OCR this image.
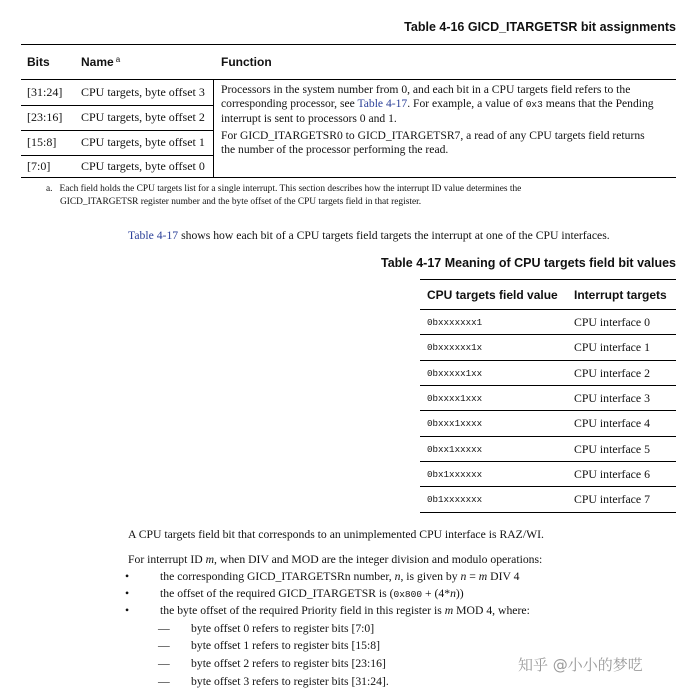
Table 4-16 GICD_ITARGETSR bit assignments
Bits	Name $^a$	Function
[31:24] CPU targets, byte offset 3
[23:16] CPU targets, byte offset 2
[15:8] CPU targets, byte offset 1
[7:0]	CPU targets, byte offset 0
Processors in the system number from 0, and each bit in a CPU targets field refers to the
corresponding processor, see Table 4-17. For example, a value of 0x3 means that the Pending
interrupt is sent to processors 0 and 1.
For GICD_ITARGETSR0 to GICD_ITARGETSR7, a read of any CPU targets field returns
the number of the processor performing the read.
a. Each field holds the CPU targets list for a single interrupt. This section describes how the interrupt ID value determines the
GICD_ITARGETSR register number and the byte offset of the CPU targets field in that register.
Table 4-17 shows how each bit of a CPU targets field targets the interrupt at one of the CPU interfaces.
Table 4-17 Meaning of CPU targets field bit values
CPU targets field value Interrupt targets
0bxxxxxxx1	CPU interface 0
0bxxxxxx1x	CPU interface 1
0bxxxxx1xx	CPU interface 2
0bxxxx1xxx	CPU interface 3
0bxxx1xxxx	CPU interface 4
0bxx1xxxxx	CPU interface 5
0bx1xxxxxx	CPU interface 6
0b1xxxxxxx	CPU interface 7
A CPU targets field bit that corresponds to an unimplemented CPU interface is RAZ/WI.
For interrupt ID m, when DIV and MOD are the integer division and modulo operations:
•	the corresponding GICD_ITARGETSRn number, n, is given by n = m DIV 4
•	the offset of the required GICD_ITARGETSR is (0x800 + (4*n))
•	the byte offset of the required Priority field in this register is m MOD 4, where:
— byte offset 0 refers to register bits [7:0]
— byte offset 1 refers to register bits [15:8]
— byte offset 2 refers to register bits [23:16]
— byte offset 3 refers to register bits [31:24].
知乎 @小小的梦呓
